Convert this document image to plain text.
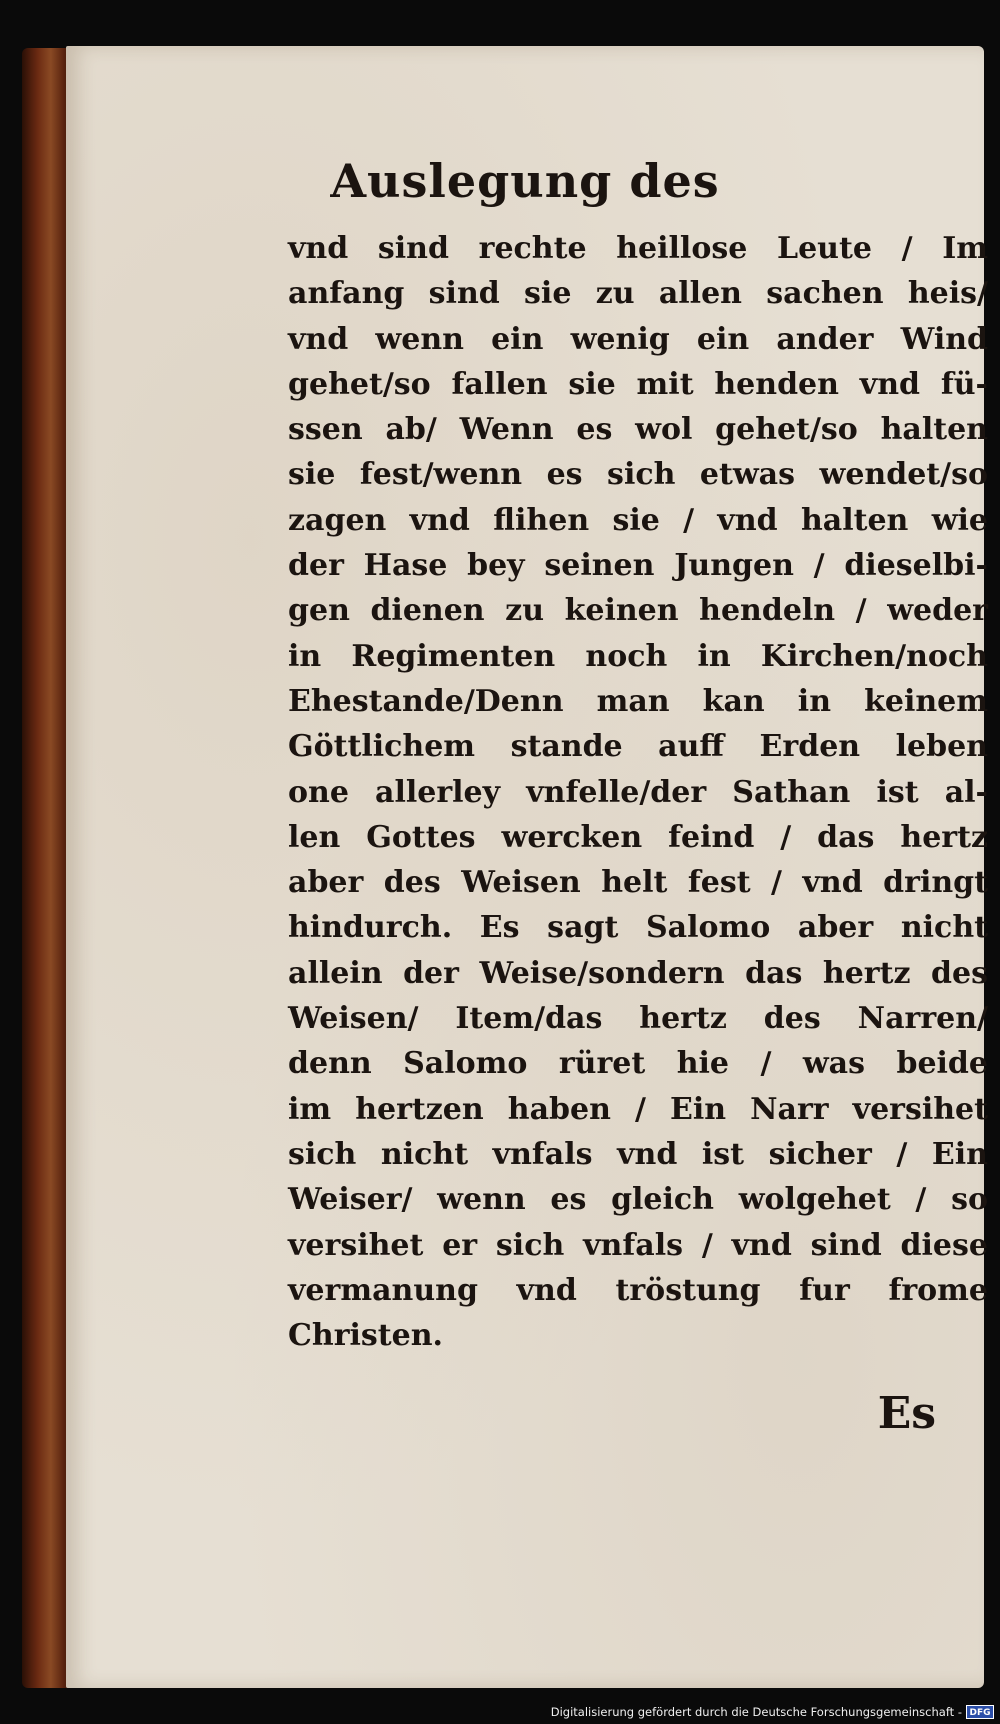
Auslegung des
vnd sind rechte heillose Leute / Im
anfang sind sie zu allen sachen heis/
vnd wenn ein wenig ein ander Wind
gehet/so fallen sie mit henden vnd fü-
ssen ab/ Wenn es wol gehet/so halten
sie fest/wenn es sich etwas wendet/so
zagen vnd flihen sie / vnd halten wie
der Hase bey seinen Jungen / dieselbi-
gen dienen zu keinen hendeln / weder
in Regimenten noch in Kirchen/noch
Ehestande/Denn man kan in keinem
Göttlichem stande auff Erden leben
one allerley vnfelle/der Sathan ist al-
len Gottes wercken feind / das hertz
aber des Weisen helt fest / vnd dringt
hindurch. Es sagt Salomo aber nicht
allein der Weise/sondern das hertz des
Weisen/ Item/das hertz des Narren/
denn Salomo rüret hie / was beide
im hertzen haben / Ein Narr versihet
sich nicht vnfals vnd ist sicher / Ein
Weiser/ wenn es gleich wolgehet / so
versihet er sich vnfals / vnd sind diese
vermanung vnd tröstung fur frome
Christen.
Es
Digitalisierung gefördert durch die Deutsche Forschungsgemeinschaft - DFG
